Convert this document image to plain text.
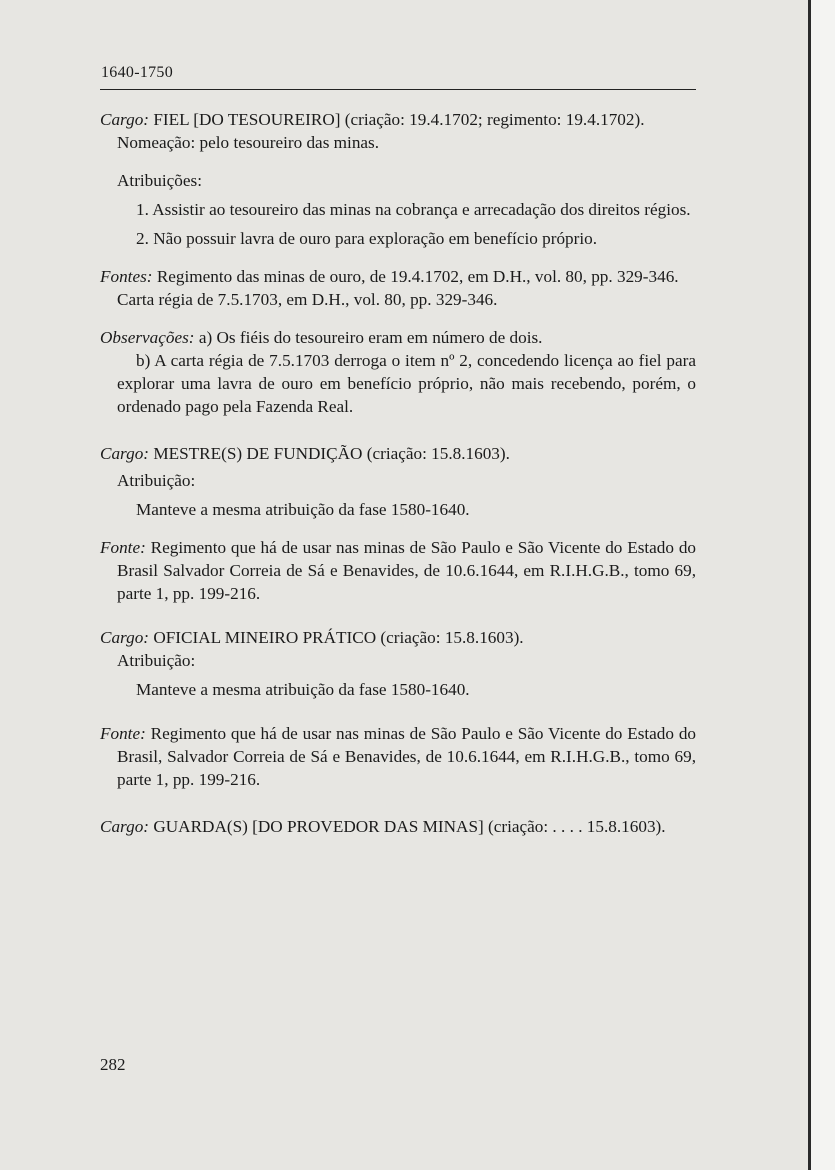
1640-1750

Cargo: FIEL [DO TESOUREIRO] (criação: 19.4.1702; regimento: 19.4.1702).

Nomeação: pelo tesoureiro das minas.

Atribuições:

1. Assistir ao tesoureiro das minas na cobrança e arrecadação dos direitos régios.

2. Não possuir lavra de ouro para exploração em benefício próprio.

Fontes: Regimento das minas de ouro, de 19.4.1702, em D.H., vol. 80, pp. 329-346.

Carta régia de 7.5.1703, em D.H., vol. 80, pp. 329-346.

Observações: a) Os fiéis do tesoureiro eram em número de dois.

b) A carta régia de 7.5.1703 derroga o item nº 2, concedendo licença ao fiel para explorar uma lavra de ouro em benefício próprio, não mais recebendo, porém, o ordenado pago pela Fazenda Real.

Cargo: MESTRE(S) DE FUNDIÇÃO (criação: 15.8.1603).

Atribuição:

Manteve a mesma atribuição da fase 1580-1640.

Fonte: Regimento que há de usar nas minas de São Paulo e São Vicente do Estado do Brasil Salvador Correia de Sá e Benavides, de 10.6.1644, em R.I.H.G.B., tomo 69, parte 1, pp. 199-216.

Cargo: OFICIAL MINEIRO PRÁTICO (criação: 15.8.1603).

Atribuição:

Manteve a mesma atribuição da fase 1580-1640.

Fonte: Regimento que há de usar nas minas de São Paulo e São Vicente do Estado do Brasil, Salvador Correia de Sá e Benavides, de 10.6.1644, em R.I.H.G.B., tomo 69, parte 1, pp. 199-216.

Cargo: GUARDA(S) [DO PROVEDOR DAS MINAS] (criação: . . . . 15.8.1603).

282
